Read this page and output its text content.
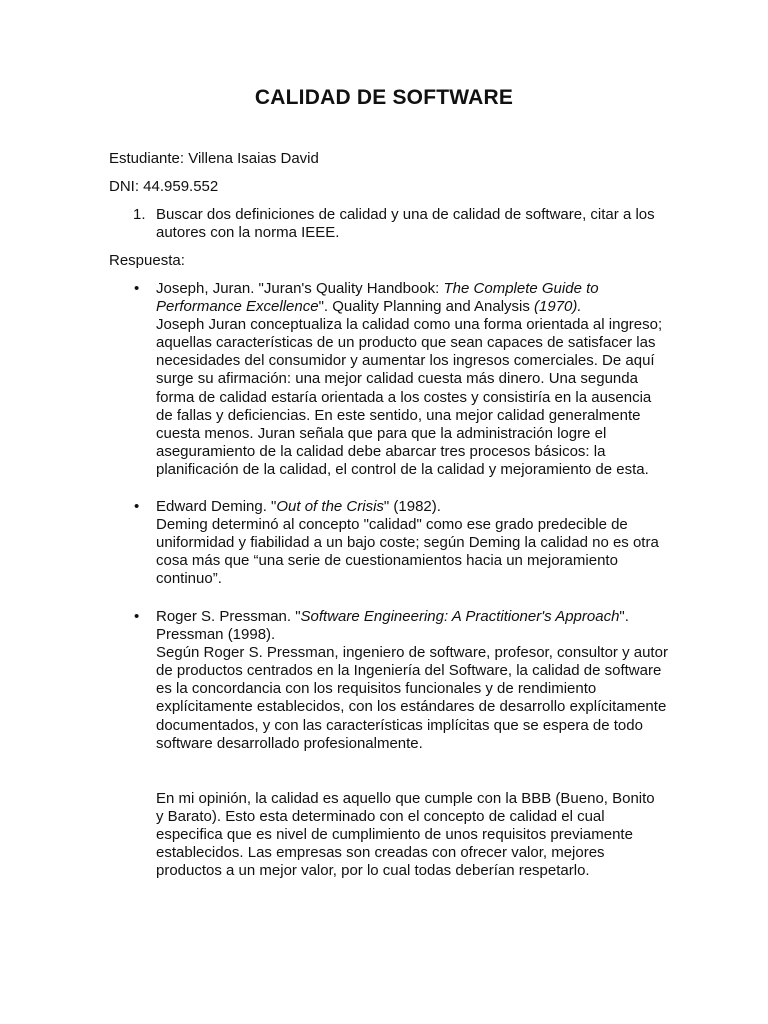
CALIDAD DE SOFTWARE
Estudiante: Villena Isaias David
DNI: 44.959.552
1. Buscar dos definiciones de calidad y una de calidad de software, citar a los autores con la norma IEEE.
Respuesta:
• Joseph, Juran. "Juran's Quality Handbook: The Complete Guide to Performance Excellence". Quality Planning and Analysis (1970).
Joseph Juran conceptualiza la calidad como una forma orientada al ingreso; aquellas características de un producto que sean capaces de satisfacer las necesidades del consumidor y aumentar los ingresos comerciales. De aquí surge su afirmación: una mejor calidad cuesta más dinero. Una segunda forma de calidad estaría orientada a los costes y consistiría en la ausencia de fallas y deficiencias. En este sentido, una mejor calidad generalmente cuesta menos. Juran señala que para que la administración logre el aseguramiento de la calidad debe abarcar tres procesos básicos: la planificación de la calidad, el control de la calidad y mejoramiento de esta.
• Edward Deming. "Out of the Crisis" (1982).
Deming determinó al concepto "calidad" como ese grado predecible de uniformidad y fiabilidad a un bajo coste; según Deming la calidad no es otra cosa más que “una serie de cuestionamientos hacia un mejoramiento continuo”.
• Roger S. Pressman. "Software Engineering: A Practitioner's Approach". Pressman (1998).
Según Roger S. Pressman, ingeniero de software, profesor, consultor y autor de productos centrados en la Ingeniería del Software, la calidad de software es la concordancia con los requisitos funcionales y de rendimiento explícitamente establecidos, con los estándares de desarrollo explícitamente documentados, y con las características implícitas que se espera de todo software desarrollado profesionalmente.
En mi opinión, la calidad es aquello que cumple con la BBB (Bueno, Bonito y Barato). Esto esta determinado con el concepto de calidad el cual especifica que es nivel de cumplimiento de unos requisitos previamente establecidos. Las empresas son creadas con ofrecer valor, mejores productos a un mejor valor, por lo cual todas deberían respetarlo.
